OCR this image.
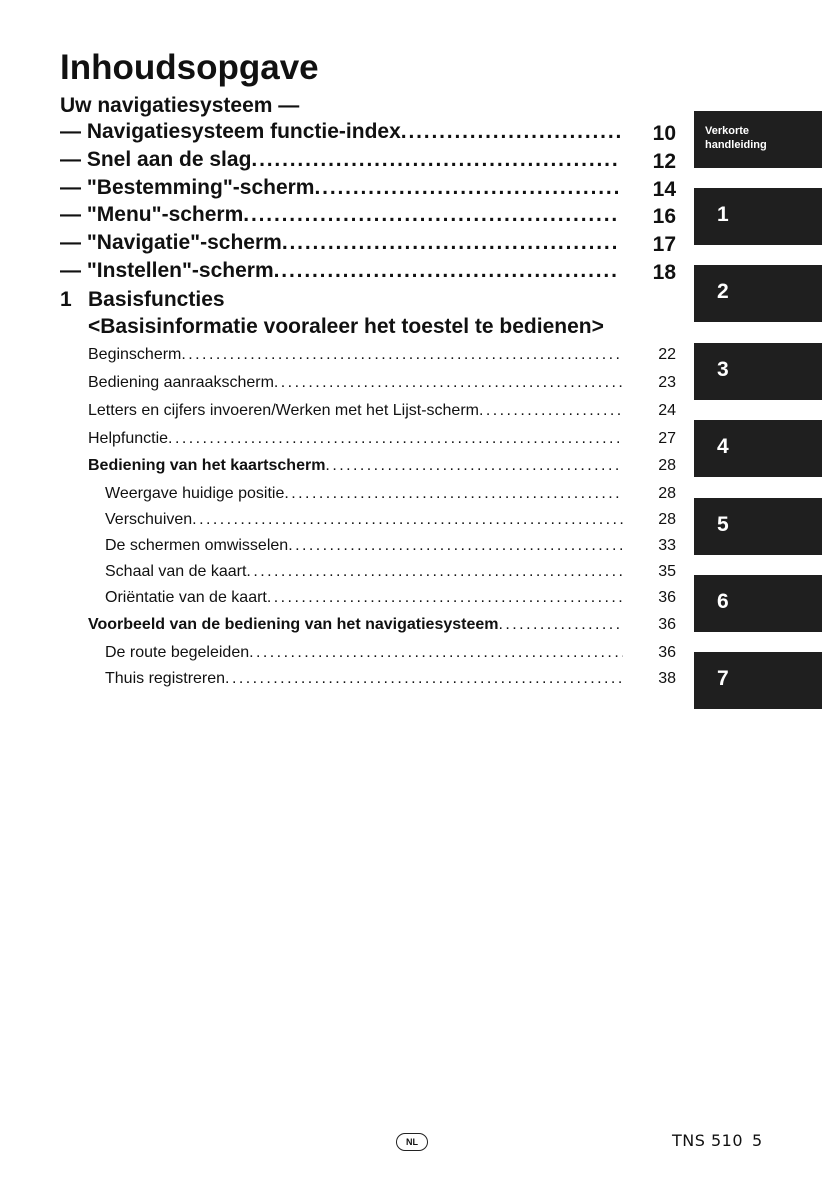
Inhoudsopgave
Uw navigatiesysteem —
— Navigatiesysteem functie-index . . .	10
— Snel aan de slag . . .	12
— "Bestemming"-scherm . . .	14
— "Menu"-scherm . . .	16
— "Navigatie"-scherm . . .	17
— "Instellen"-scherm . . .	18
1 Basisfuncties
<Basisinformatie vooraleer het toestel te bedienen>
Beginscherm . . .	22
Bediening aanraakscherm . . .	23
Letters en cijfers invoeren/Werken met het Lijst-scherm . . .	24
Helpfunctie . . .	27
Bediening van het kaartscherm . . .	28
Weergave huidige positie . . .	28
Verschuiven . . .	28
De schermen omwisselen . . .	33
Schaal van de kaart . . .	35
Oriëntatie van de kaart . . .	36
Voorbeeld van de bediening van het navigatiesysteem . . .	36
De route begeleiden . . .	36
Thuis registreren . . .	38
Verkorte
handleiding
1
2
3
4
5
6
7
NL	TNS 510 5
